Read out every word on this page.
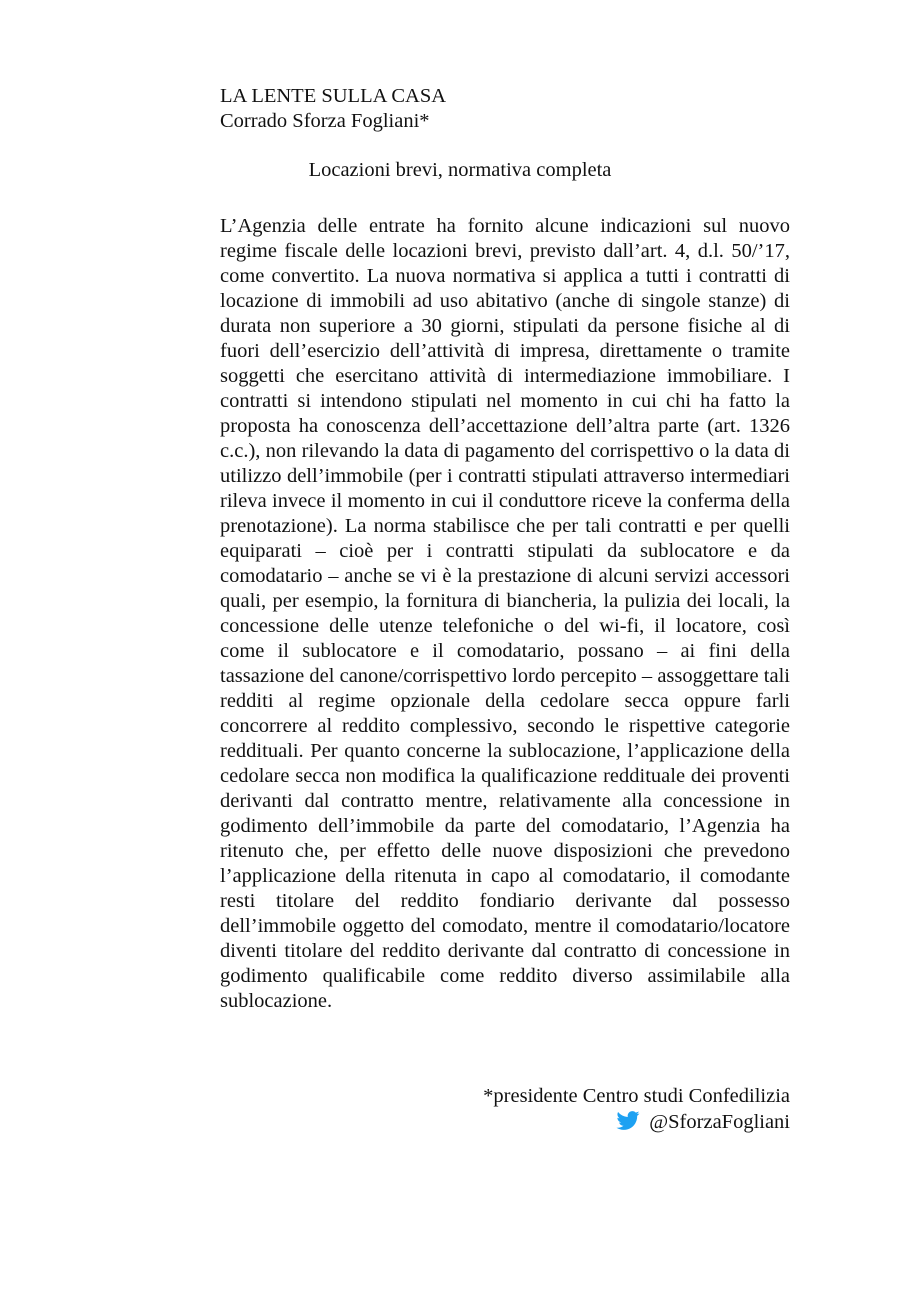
LA LENTE SULLA CASA
Corrado Sforza Fogliani*
Locazioni brevi, normativa completa

L’Agenzia delle entrate ha fornito alcune indicazioni sul nuovo regime fiscale delle locazioni brevi, previsto dall’art. 4, d.l. 50/’17, come convertito. La nuova normativa si applica a tutti i contratti di locazione di immobili ad uso abitativo (anche di singole stanze) di durata non superiore a 30 giorni, stipulati da persone fisiche al di fuori dell’esercizio dell’attività di impresa, direttamente o tramite soggetti che esercitano attività di intermediazione immobiliare. I contratti si intendono stipulati nel momento in cui chi ha fatto la proposta ha conoscenza dell’accettazione dell’altra parte (art. 1326 c.c.), non rilevando la data di pagamento del corrispettivo o la data di utilizzo dell’immobile (per i contratti stipulati attraverso intermediari rileva invece il momento in cui il conduttore riceve la conferma della prenotazione). La norma stabilisce che per tali contratti e per quelli equiparati – cioè per i contratti stipulati da sublocatore e da comodatario – anche se vi è la prestazione di alcuni servizi accessori quali, per esempio, la fornitura di biancheria, la pulizia dei locali, la concessione delle utenze telefoniche o del wi-fi, il locatore, così come il sublocatore e il comodatario, possano – ai fini della tassazione del canone/corrispettivo lordo percepito – assoggettare tali redditi al regime opzionale della cedolare secca oppure farli concorrere al reddito complessivo, secondo le rispettive categorie reddituali. Per quanto concerne la sublocazione, l’applicazione della cedolare secca non modifica la qualificazione reddituale dei proventi derivanti dal contratto mentre, relativamente alla concessione in godimento dell’immobile da parte del comodatario, l’Agenzia ha ritenuto che, per effetto delle nuove disposizioni che prevedono l’applicazione della ritenuta in capo al comodatario, il comodante resti titolare del reddito fondiario derivante dal possesso dell’immobile oggetto del comodato, mentre il comodatario/locatore diventi titolare del reddito derivante dal contratto di concessione in godimento qualificabile come reddito diverso assimilabile alla sublocazione.

*presidente Centro studi Confedilizia
@SforzaFogliani
